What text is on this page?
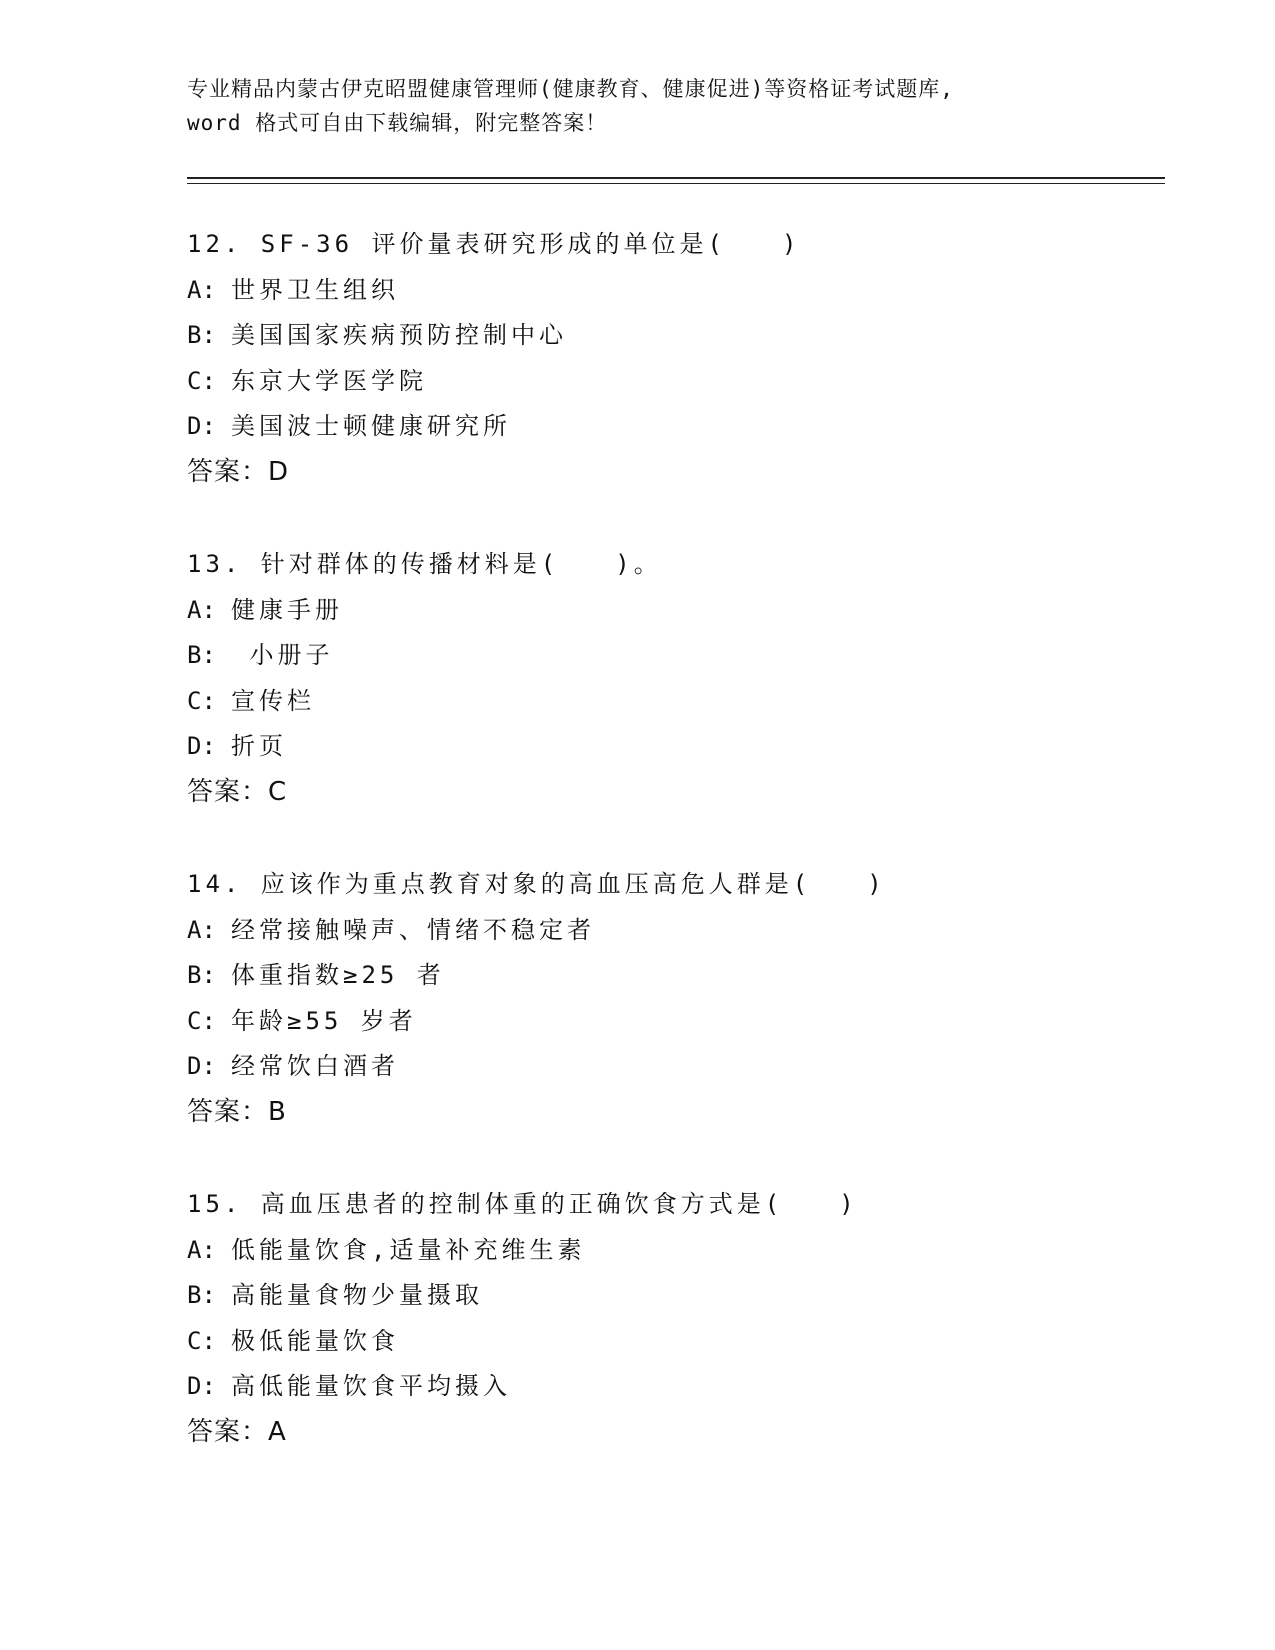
专业精品内蒙古伊克昭盟健康管理师(健康教育、健康促进)等资格证考试题库,
word 格式可自由下载编辑，附完整答案！
12. SF-36 评价量表研究形成的单位是(　　)
A: 世界卫生组织
B: 美国国家疾病预防控制中心
C: 东京大学医学院
D: 美国波士顿健康研究所
答案：D
13. 针对群体的传播材料是(　　)。
A: 健康手册
B: 小册子
C: 宣传栏
D: 折页
答案：C
14. 应该作为重点教育对象的高血压高危人群是(　　)
A: 经常接触噪声、情绪不稳定者
B: 体重指数≥25 者
C: 年龄≥55 岁者
D: 经常饮白酒者
答案：B
15. 高血压患者的控制体重的正确饮食方式是(　　)
A: 低能量饮食,适量补充维生素
B: 高能量食物少量摄取
C: 极低能量饮食
D: 高低能量饮食平均摄入
答案：A
